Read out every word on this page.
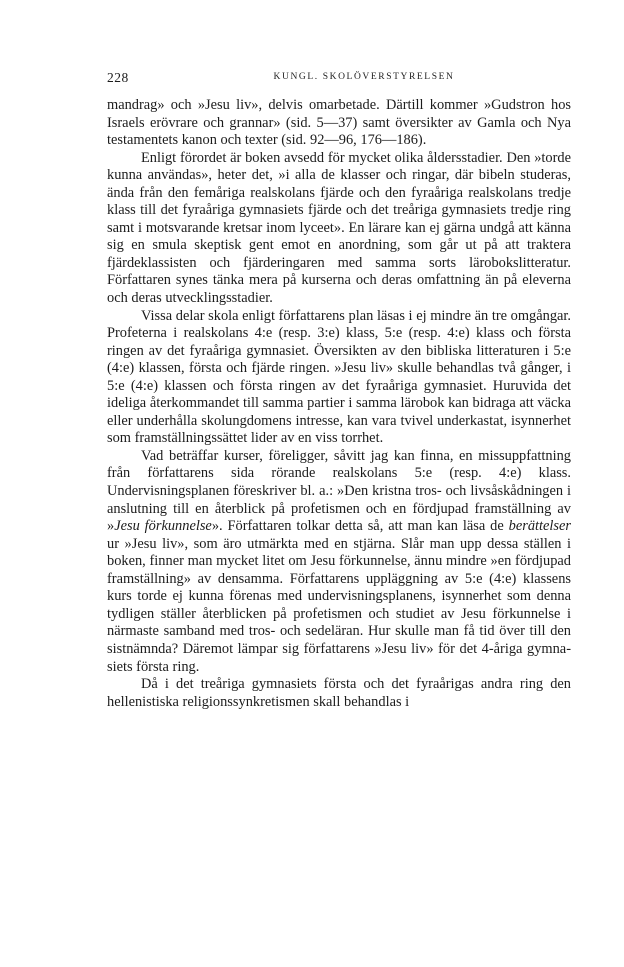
228	KUNGL. SKOLÖVERSTYRELSEN

mandrag» och »Jesu liv», delvis omarbetade. Därtill kommer »Gudstron hos Israels erövrare och grannar» (sid. 5—37) samt översikter av Gamla och Nya testamentets kanon och texter (sid. 92—96, 176—186).

Enligt förordet är boken avsedd för mycket olika åldersstadier. Den »torde kunna användas», heter det, »i alla de klasser och ringar, där bibeln studeras, ända från den femåriga realskolans fjärde och den fyraåriga realskolans tredje klass till det fyraåriga gymnasiets fjärde och det treåriga gymnasiets tredje ring samt i motsvarande kretsar inom lyceet». En lärare kan ej gärna undgå att känna sig en smula skeptisk gent emot en anordning, som går ut på att traktera fjärdeklassisten och fjärderingaren med samma sorts lärobokslitteratur. Författaren synes tänka mera på kurserna och deras omfattning än på eleverna och deras utvecklingsstadier.

Vissa delar skola enligt författarens plan läsas i ej mindre än tre omgångar. Profeterna i realskolans 4:e (resp. 3:e) klass, 5:e (resp. 4:e) klass och första ringen av det fyraåriga gymnasiet. Översikten av den bibliska litteraturen i 5:e (4:e) klassen, första och fjärde ringen. »Jesu liv» skulle behandlas två gånger, i 5:e (4:e) klassen och första ringen av det fyraåriga gymnasiet. Huruvida det ideliga återkommandet till samma partier i samma lärobok kan bidraga att väcka eller underhålla skolungdomens intresse, kan vara tvivel underkastat, isynnerhet som framställningssättet lider av en viss torrhet.

Vad beträffar kurser, föreligger, såvitt jag kan finna, en missuppfattning från författarens sida rörande realskolans 5:e (resp. 4:e) klass. Undervisningsplanen föreskriver bl. a.: »Den kristna tros- och livsåskådningen i anslutning till en återblick på profetismen och en fördjupad framställning av »Jesu förkunnelse». Författaren tolkar detta så, att man kan läsa de berättelser ur »Jesu liv», som äro utmärkta med en stjärna. Slår man upp dessa ställen i boken, finner man mycket litet om Jesu förkunnelse, ännu mindre »en fördjupad framställning» av densamma. Författarens uppläggning av 5:e (4:e) klassens kurs torde ej kunna förenas med undervisningsplanens, isynnerhet som denna tydligen ställer återblicken på profetismen och studiet av Jesu förkunnelse i närmaste samband med tros- och sedeläran. Hur skulle man få tid över till den sistnämnda? Däremot lämpar sig författarens »Jesu liv» för det 4-åriga gymnasiets första ring.

Då i det treåriga gymnasiets första och det fyraårigas andra ring den hellenistiska religionssynkretismen skall behandlas i
